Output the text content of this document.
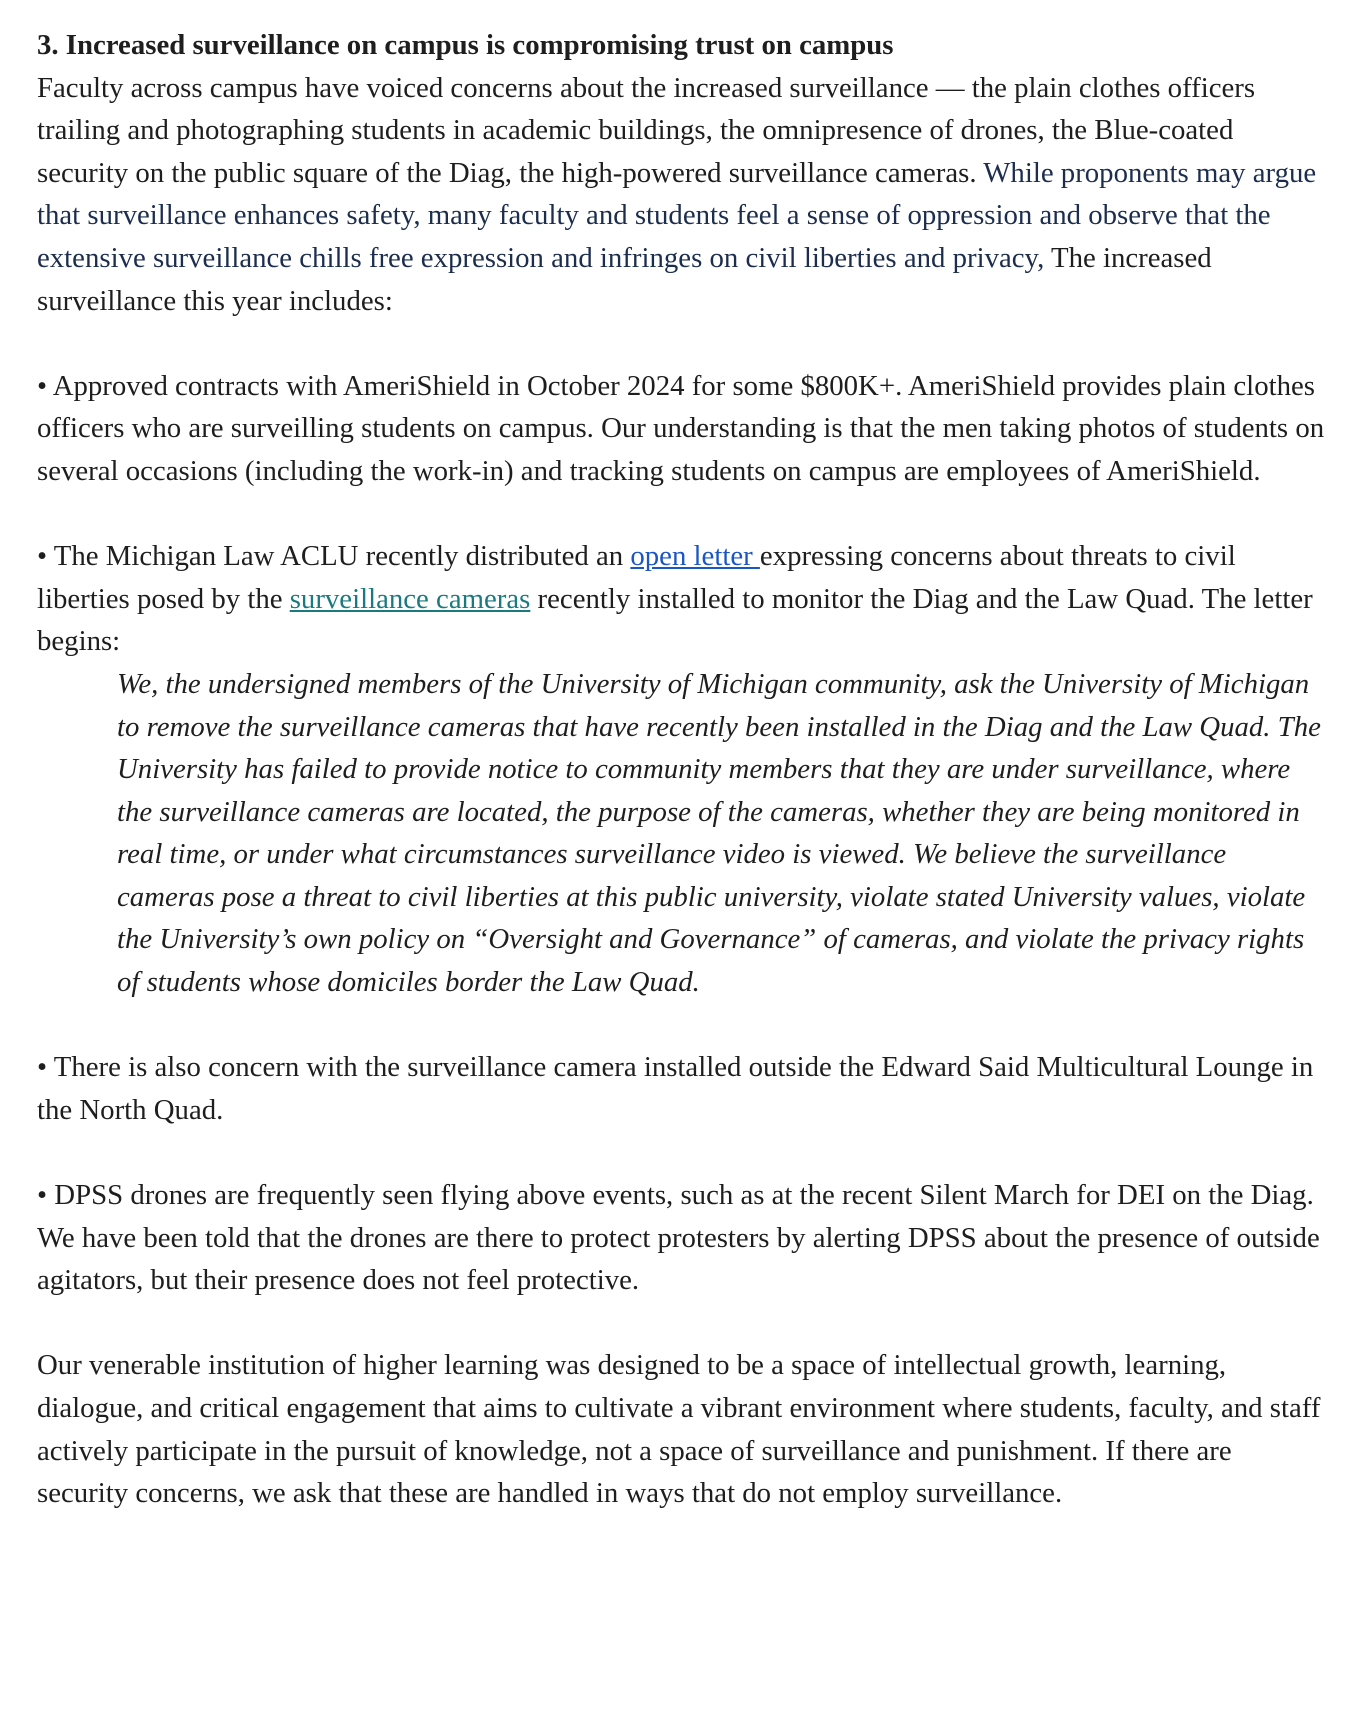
3. Increased surveillance on campus is compromising trust on campus

Faculty across campus have voiced concerns about the increased surveillance — the plain clothes officers trailing and photographing students in academic buildings, the omnipresence of drones, the Blue-coated security on the public square of the Diag, the high-powered surveillance cameras. While proponents may argue that surveillance enhances safety, many faculty and students feel a sense of oppression and observe that the extensive surveillance chills free expression and infringes on civil liberties and privacy, The increased surveillance this year includes:

• Approved contracts with AmeriShield in October 2024 for some $800K+. AmeriShield provides plain clothes officers who are surveilling students on campus. Our understanding is that the men taking photos of students on several occasions (including the work-in) and tracking students on campus are employees of AmeriShield.

• The Michigan Law ACLU recently distributed an open letter expressing concerns about threats to civil liberties posed by the surveillance cameras recently installed to monitor the Diag and the Law Quad. The letter begins:

We, the undersigned members of the University of Michigan community, ask the University of Michigan to remove the surveillance cameras that have recently been installed in the Diag and the Law Quad. The University has failed to provide notice to community members that they are under surveillance, where the surveillance cameras are located, the purpose of the cameras, whether they are being monitored in real time, or under what circumstances surveillance video is viewed. We believe the surveillance cameras pose a threat to civil liberties at this public university, violate stated University values, violate the University’s own policy on “Oversight and Governance” of cameras, and violate the privacy rights of students whose domiciles border the Law Quad.

• There is also concern with the surveillance camera installed outside the Edward Said Multicultural Lounge in the North Quad.

• DPSS drones are frequently seen flying above events, such as at the recent Silent March for DEI on the Diag. We have been told that the drones are there to protect protesters by alerting DPSS about the presence of outside agitators, but their presence does not feel protective.

Our venerable institution of higher learning was designed to be a space of intellectual growth, learning, dialogue, and critical engagement that aims to cultivate a vibrant environment where students, faculty, and staff actively participate in the pursuit of knowledge, not a space of surveillance and punishment. If there are security concerns, we ask that these are handled in ways that do not employ surveillance.
